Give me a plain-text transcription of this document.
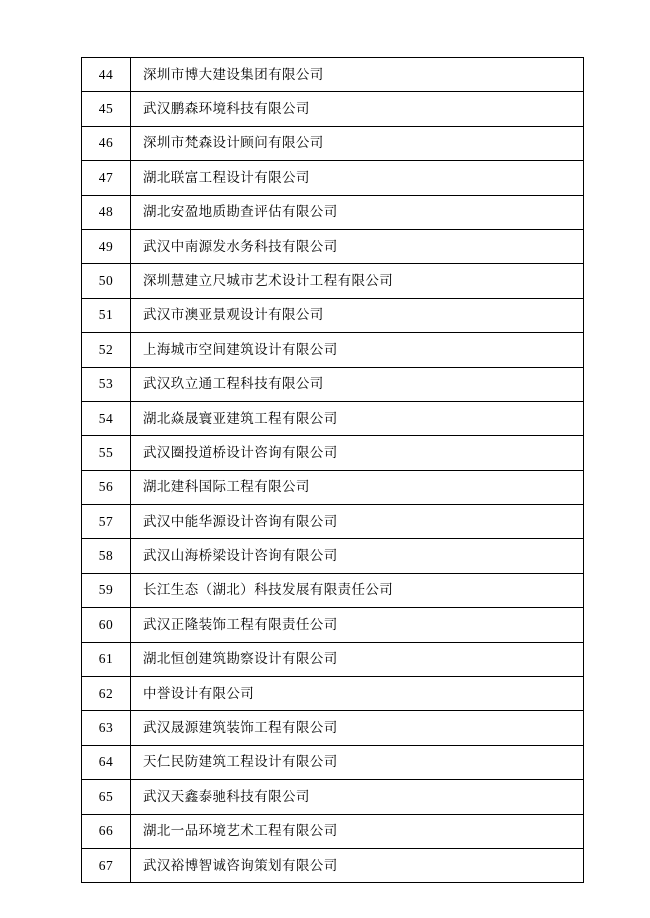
44	深圳市博大建设集团有限公司
45	武汉鹏森环境科技有限公司
46	深圳市梵森设计顾问有限公司
47	湖北联富工程设计有限公司
48	湖北安盈地质勘查评估有限公司
49	武汉中南源发水务科技有限公司
50	深圳慧建立尺城市艺术设计工程有限公司
51	武汉市澳亚景观设计有限公司
52	上海城市空间建筑设计有限公司
53	武汉玖立通工程科技有限公司
54	湖北焱晟寰亚建筑工程有限公司
55	武汉圈投道桥设计咨询有限公司
56	湖北建科国际工程有限公司
57	武汉中能华源设计咨询有限公司
58	武汉山海桥梁设计咨询有限公司
59	长江生态（湖北）科技发展有限责任公司
60	武汉正隆装饰工程有限责任公司
61	湖北恒创建筑勘察设计有限公司
62	中誉设计有限公司
63	武汉晟源建筑装饰工程有限公司
64	天仁民防建筑工程设计有限公司
65	武汉天鑫泰驰科技有限公司
66	湖北一品环境艺术工程有限公司
67	武汉裕博智诚咨询策划有限公司
